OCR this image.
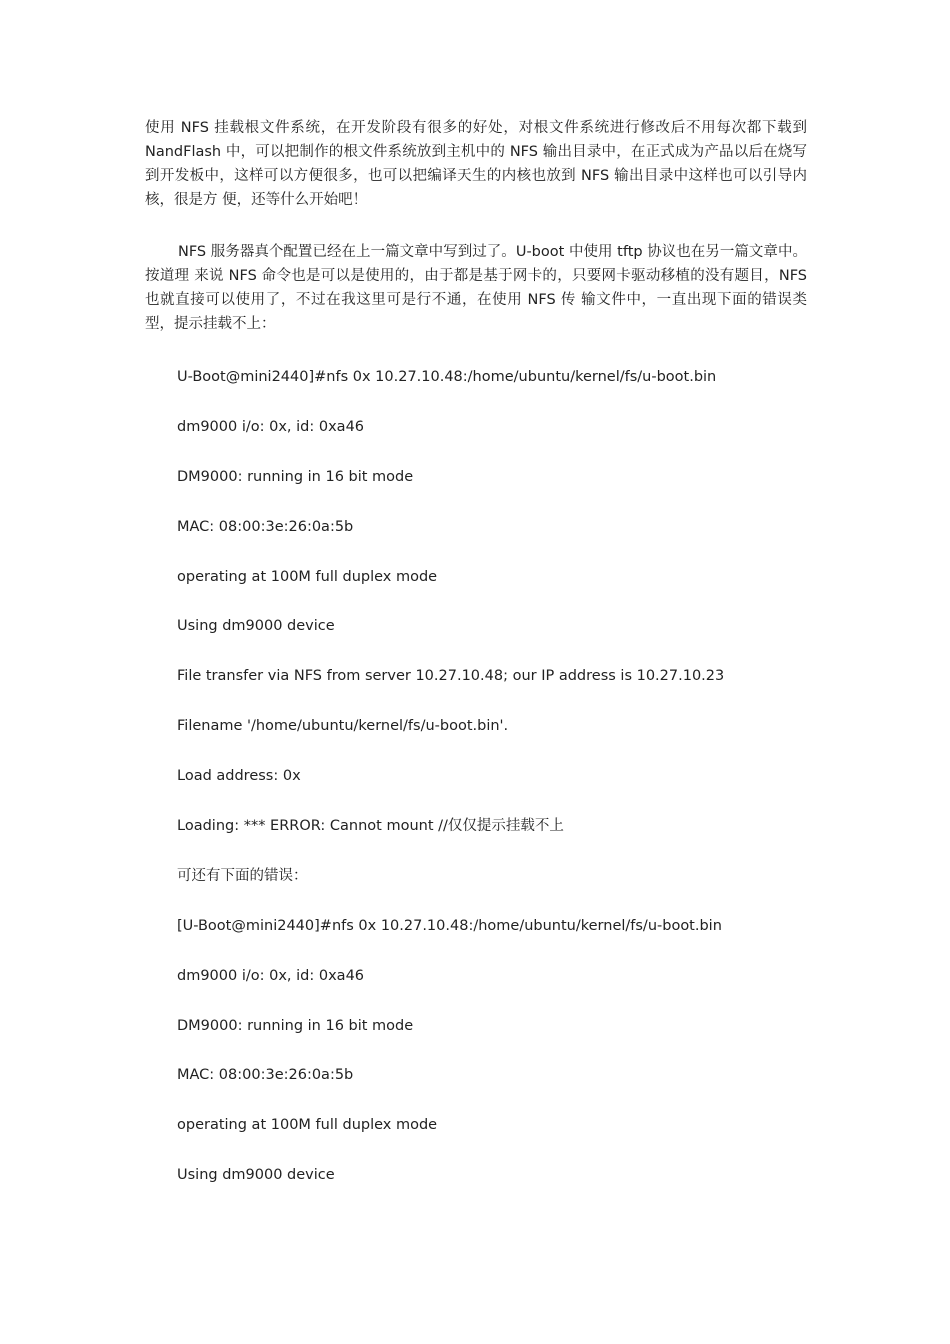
使用 NFS 挂载根文件系统，在开发阶段有很多的好处，对根文件系统进行修改后不用每次都下载到 NandFlash 中，可以把制作的根文件系统放到主机中的 NFS 输出目录中，在正式成为产品以后在烧写到开发板中，这样可以方便很多，也可以把编译天生的内核也放到 NFS 输出目录中这样也可以引导内核，很是方 便，还等什么开始吧！

NFS 服务器真个配置已经在上一篇文章中写到过了。U-boot 中使用 tftp 协议也在另一篇文章中。按道理 来说 NFS 命令也是可以是使用的，由于都是基于网卡的，只要网卡驱动移植的没有题目，NFS 也就直接可以使用了，不过在我这里可是行不通，在使用 NFS 传 输文件中，一直出现下面的错误类型，提示挂载不上：

U-Boot@mini2440]#nfs 0x 10.27.10.48:/home/ubuntu/kernel/fs/u-boot.bin
dm9000 i/o: 0x, id: 0xa46
DM9000: running in 16 bit mode
MAC: 08:00:3e:26:0a:5b
operating at 100M full duplex mode
Using dm9000 device
File transfer via NFS from server 10.27.10.48; our IP address is 10.27.10.23
Filename '/home/ubuntu/kernel/fs/u-boot.bin'.
Load address: 0x
Loading: *** ERROR: Cannot mount //仅仅提示挂载不上
可还有下面的错误：
[U-Boot@mini2440]#nfs 0x 10.27.10.48:/home/ubuntu/kernel/fs/u-boot.bin
dm9000 i/o: 0x, id: 0xa46
DM9000: running in 16 bit mode
MAC: 08:00:3e:26:0a:5b
operating at 100M full duplex mode
Using dm9000 device
